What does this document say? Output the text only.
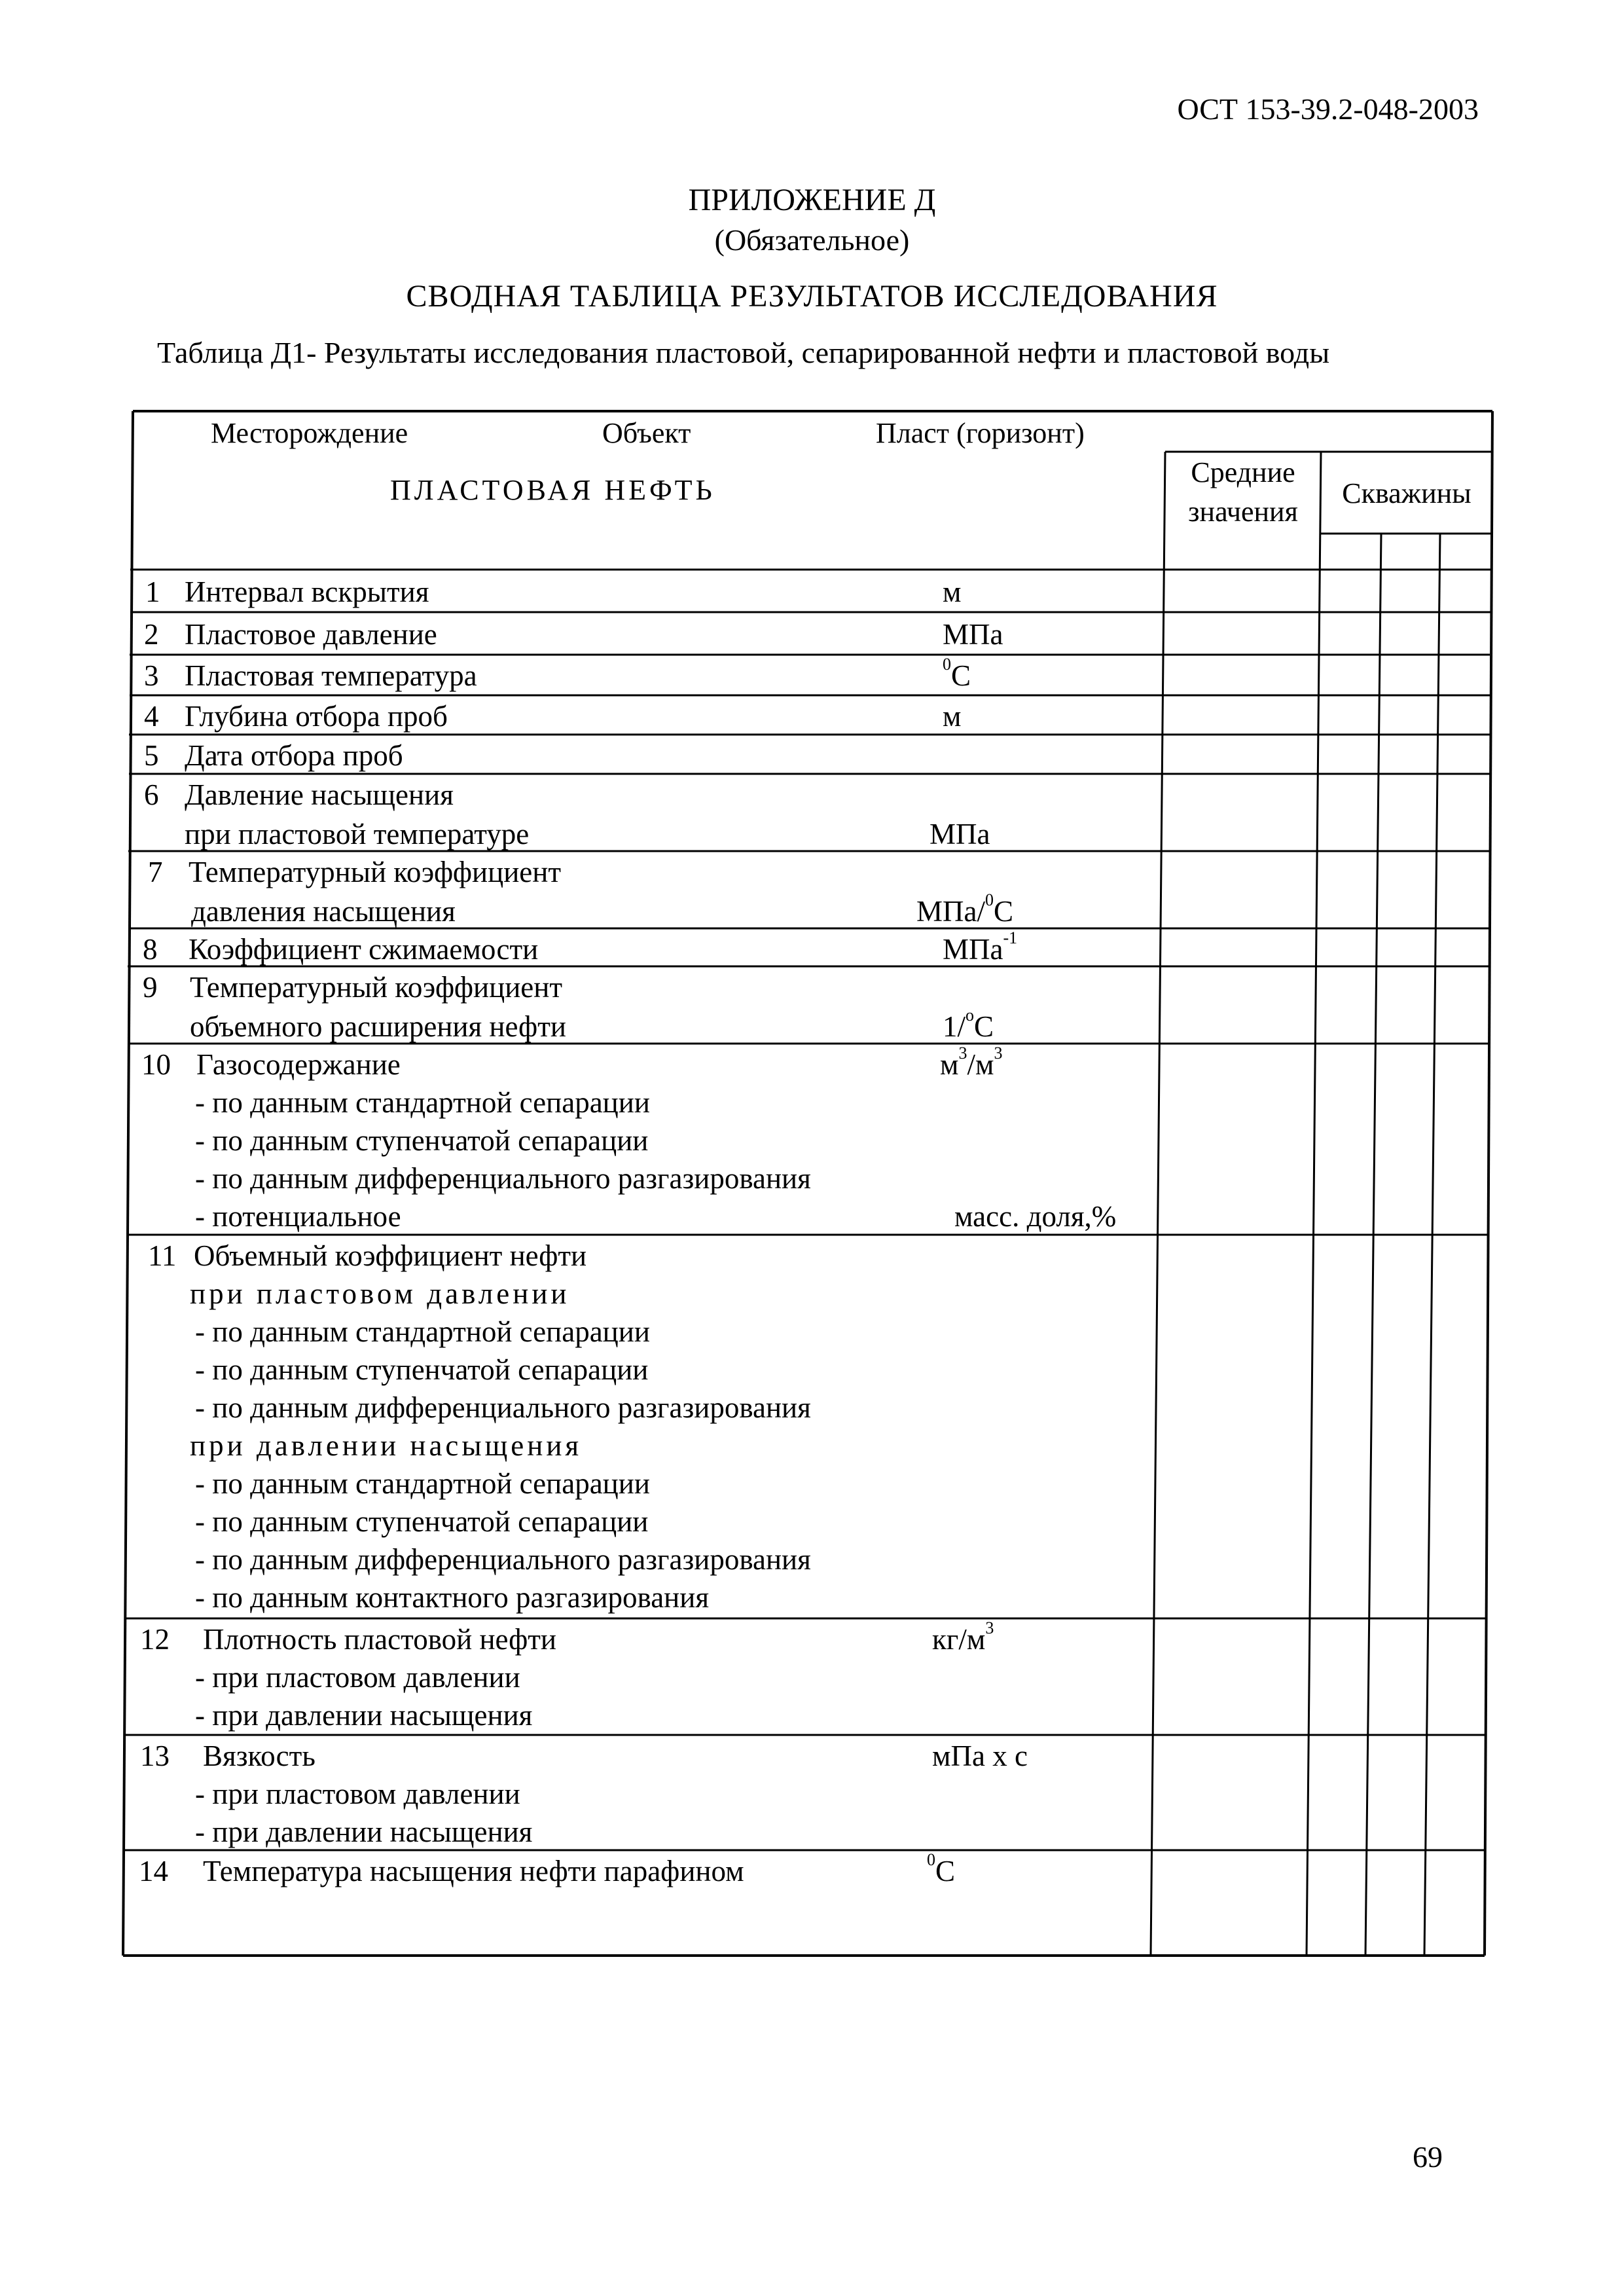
ОСТ 153-39.2-048-2003
ПРИЛОЖЕНИЕ Д
(Обязательное)
СВОДНАЯ ТАБЛИЦА РЕЗУЛЬТАТОВ ИССЛЕДОВАНИЯ
Таблица Д1- Результаты исследования пластовой, сепарированной нефти и пластовой воды
Месторождение	Объект	Пласт (горизонт)
ПЛАСТОВАЯ НЕФТЬ
Средние
значения
Скважины
1 Интервал вскрытия	м
2 Пластовое давление	МПа
3 Пластовая температура	$^0$С
4 Глубина отбора проб	м
5 Дата отбора проб
6 Давление насыщения
при пластовой температуре	МПа
7 Температурный коэффициент
давления насыщения	МПа/$^0$С
8 Коэффициент сжимаемости	МПа$^{-1}$
9 Температурный коэффициент
объемного расширения нефти	1/$^о$С
10 Газосодержание	$м^3/м^3$
- по данным стандартной сепарации
- по данным ступенчатой сепарации
- по данным дифференциального разгазирования
- потенциальное	масс. доля,%
11 Объемный коэффициент нефти
при пластовом давлении
- по данным стандартной сепарации
- по данным ступенчатой сепарации
- по данным дифференциального разгазирования
при давлении насыщения
- по данным стандартной сепарации
- по данным ступенчатой сепарации
- по данным дифференциального разгазирования
- по данным контактного разгазирования
12 Плотность пластовой нефти	$кг/м^3$
- при пластовом давлении
- при давлении насыщения
13 Вязкость	мПа х с
- при пластовом давлении
- при давлении насыщения
14 Температура насыщения нефти парафином	$^0$С
69
